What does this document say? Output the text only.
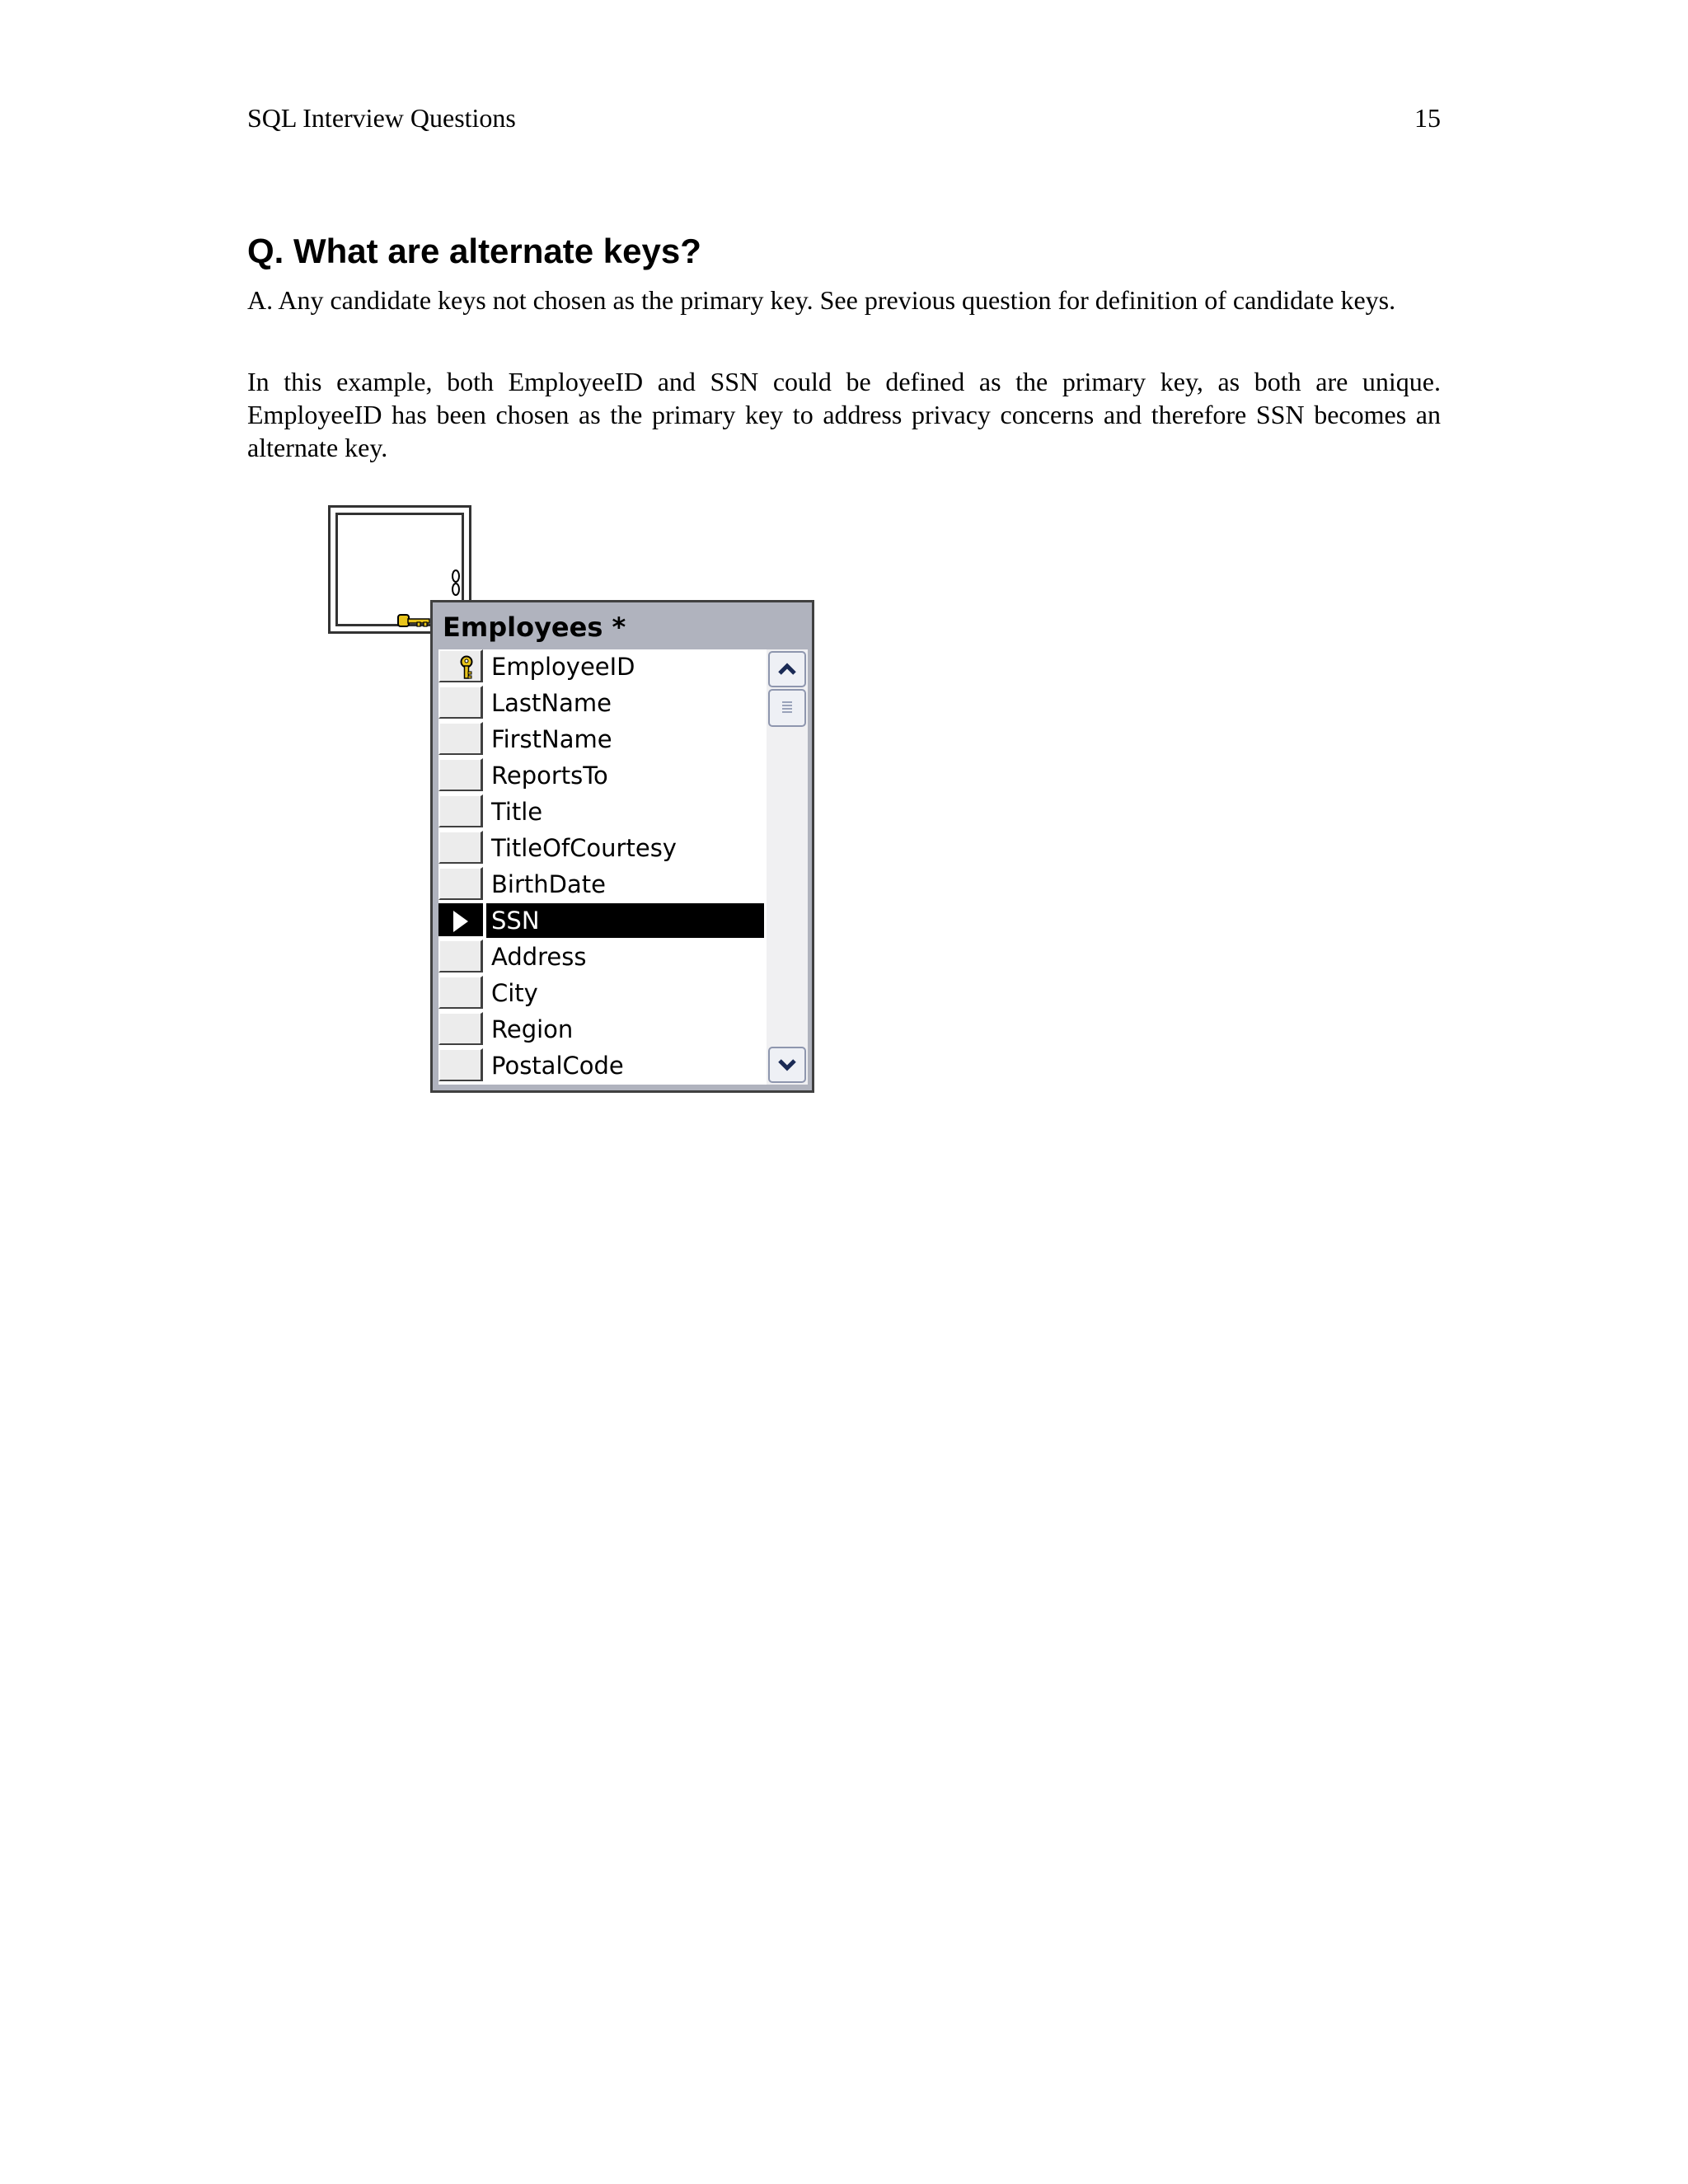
SQL Interview Questions	15
Q. What are alternate keys?

A. Any candidate keys not chosen as the primary key. See previous question for definition of candidate keys.

In this example, both EmployeeID and SSN could be defined as the primary key, as both are unique. EmployeeID has been chosen as the primary key to address privacy concerns and therefore SSN becomes an alternate key.

Employees *
EmployeeID
LastName
FirstName
ReportsTo
Title
TitleOfCourtesy
BirthDate
SSN
Address
City
Region
PostalCode
